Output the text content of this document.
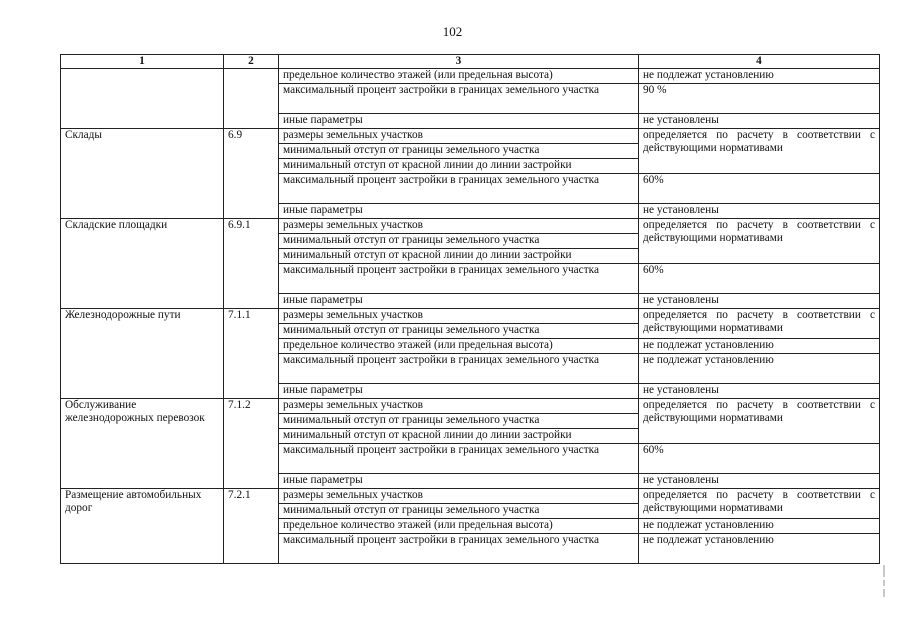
102
1	2	3	4
		предельное количество этажей (или предельная высота)	не подлежат установлению
		максимальный процент застройки в границах земельного участка	90 %
		иные параметры	не установлены
Склады	6.9	размеры земельных участков	определяется по расчету в соответствии с действующими нормативами
		минимальный отступ от границы земельного участка	
		минимальный отступ от красной линии до линии застройки	
		максимальный процент застройки в границах земельного участка	60%
		иные параметры	не установлены
Складские площадки	6.9.1	размеры земельных участков	определяется по расчету в соответствии с действующими нормативами
		минимальный отступ от границы земельного участка	
		минимальный отступ от красной линии до линии застройки	
		максимальный процент застройки в границах земельного участка	60%
		иные параметры	не установлены
Железнодорожные пути	7.1.1	размеры земельных участков	определяется по расчету в соответствии с действующими нормативами
		минимальный отступ от границы земельного участка	
		предельное количество этажей (или предельная высота)	не подлежат установлению
		максимальный процент застройки в границах земельного участка	не подлежат установлению
		иные параметры	не установлены
Обслуживание железнодорожных перевозок	7.1.2	размеры земельных участков	определяется по расчету в соответствии с действующими нормативами
		минимальный отступ от границы земельного участка	
		минимальный отступ от красной линии до линии застройки	
		максимальный процент застройки в границах земельного участка	60%
		иные параметры	не установлены
Размещение автомобильных дорог	7.2.1	размеры земельных участков	определяется по расчету в соответствии с действующими нормативами
		минимальный отступ от границы земельного участка	
		предельное количество этажей (или предельная высота)	не подлежат установлению
		максимальный процент застройки в границах земельного участка	не подлежат установлению
